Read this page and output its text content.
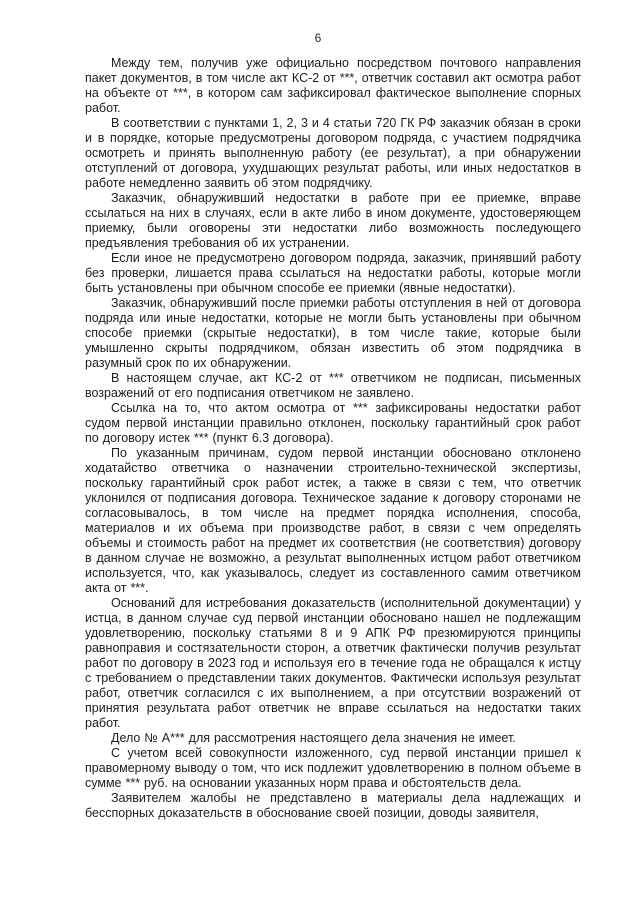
6

Между тем, получив уже официально посредством почтового направления пакет документов, в том числе акт КС-2 от ***, ответчик составил акт осмотра работ на объекте от ***, в котором сам зафиксировал фактическое выполнение спорных работ.

В соответствии с пунктами 1, 2, 3 и 4 статьи 720 ГК РФ заказчик обязан в сроки и в порядке, которые предусмотрены договором подряда, с участием подрядчика осмотреть и принять выполненную работу (ее результат), а при обнаружении отступлений от договора, ухудшающих результат работы, или иных недостатков в работе немедленно заявить об этом подрядчику.

Заказчик, обнаруживший недостатки в работе при ее приемке, вправе ссылаться на них в случаях, если в акте либо в ином документе, удостоверяющем приемку, были оговорены эти недостатки либо возможность последующего предъявления требования об их устранении.

Если иное не предусмотрено договором подряда, заказчик, принявший работу без проверки, лишается права ссылаться на недостатки работы, которые могли быть установлены при обычном способе ее приемки (явные недостатки).

Заказчик, обнаруживший после приемки работы отступления в ней от договора подряда или иные недостатки, которые не могли быть установлены при обычном способе приемки (скрытые недостатки), в том числе такие, которые были умышленно скрыты подрядчиком, обязан известить об этом подрядчика в разумный срок по их обнаружении.

В настоящем случае, акт КС-2 от *** ответчиком не подписан, письменных возражений от его подписания ответчиком не заявлено.

Ссылка на то, что актом осмотра от *** зафиксированы недостатки работ судом первой инстанции правильно отклонен, поскольку гарантийный срок работ по договору истек *** (пункт 6.3 договора).

По указанным причинам, судом первой инстанции обосновано отклонено ходатайство ответчика о назначении строительно-технической экспертизы, поскольку гарантийный срок работ истек, а также в связи с тем, что ответчик уклонился от подписания договора. Техническое задание к договору сторонами не согласовывалось, в том числе на предмет порядка исполнения, способа, материалов и их объема при производстве работ, в связи с чем определять объемы и стоимость работ на предмет их соответствия (не соответствия) договору в данном случае не возможно, а результат выполненных истцом работ ответчиком используется, что, как указывалось, следует из составленного самим ответчиком акта от ***.

Оснований для истребования доказательств (исполнительной документации) у истца, в данном случае суд первой инстанции обосновано нашел не подлежащим удовлетворению, поскольку статьями 8 и 9 АПК РФ презюмируются принципы равноправия и состязательности сторон, а ответчик фактически получив результат работ по договору в 2023 год и используя его в течение года не обращался к истцу с требованием о представлении таких документов. Фактически используя результат работ, ответчик согласился с их выполнением, а при отсутствии возражений от принятия результата работ ответчик не вправе ссылаться на недостатки таких работ.

Дело № А*** для рассмотрения настоящего дела значения не имеет.

С учетом всей совокупности изложенного, суд первой инстанции пришел к правомерному выводу о том, что иск подлежит удовлетворению в полном объеме в сумме *** руб. на основании указанных норм права и обстоятельств дела.

Заявителем жалобы не представлено в материалы дела надлежащих и бесспорных доказательств в обоснование своей позиции, доводы заявителя,
